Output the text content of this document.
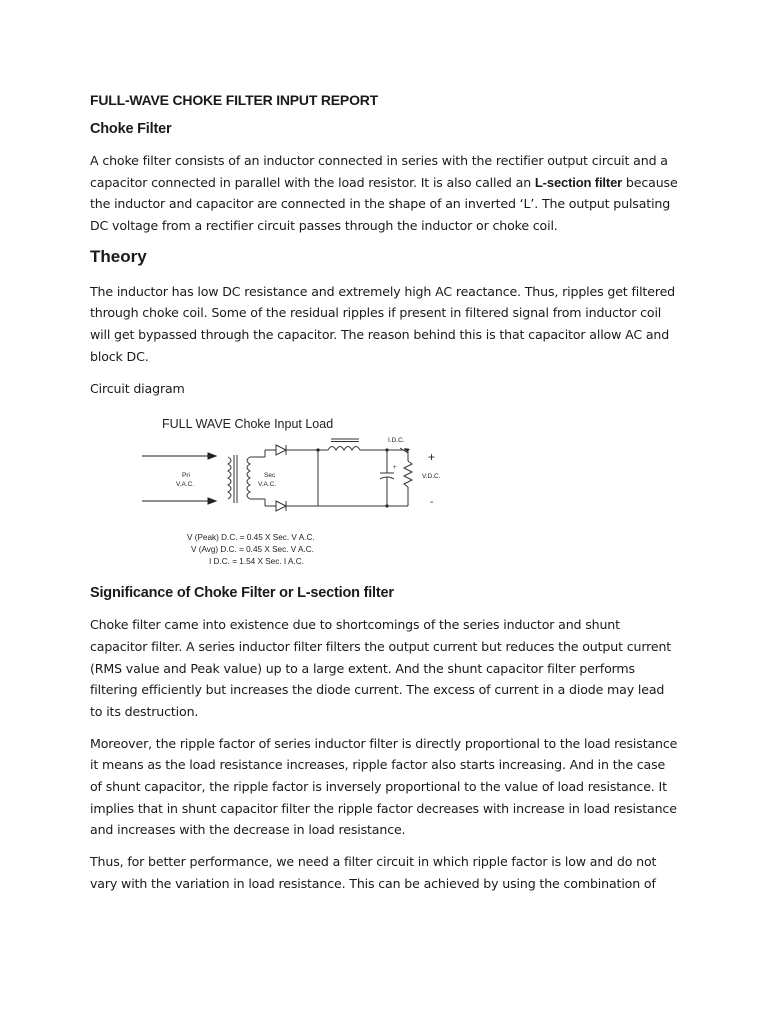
FULL-WAVE CHOKE FILTER INPUT REPORT
Choke Filter

A choke filter consists of an inductor connected in series with the rectifier output circuit and a capacitor connected in parallel with the load resistor. It is also called an L-section filter because the inductor and capacitor are connected in the shape of an inverted ‘L’. The output pulsating DC voltage from a rectifier circuit passes through the inductor or choke coil.

Theory

The inductor has low DC resistance and extremely high AC reactance. Thus, ripples get filtered through choke coil. Some of the residual ripples if present in filtered signal from inductor coil will get bypassed through the capacitor. The reason behind this is that capacitor allow AC and block DC.

Circuit diagram

FULL WAVE Choke Input Load
Pri
V.A.C.
Sec
V.A.C.
+
I.D.C.
+
V.D.C.
-
V (Peak) D.C. = 0.45 X Sec. V A.C.
V (Avg) D.C. = 0.45 X Sec. V A.C.
I D.C. = 1.54 X Sec. I A.C.
Significance of Choke Filter or L-section filter

Choke filter came into existence due to shortcomings of the series inductor and shunt capacitor filter. A series inductor filter filters the output current but reduces the output current (RMS value and Peak value) up to a large extent. And the shunt capacitor filter performs filtering efficiently but increases the diode current. The excess of current in a diode may lead to its destruction.

Moreover, the ripple factor of series inductor filter is directly proportional to the load resistance it means as the load resistance increases, ripple factor also starts increasing. And in the case of shunt capacitor, the ripple factor is inversely proportional to the value of load resistance. It implies that in shunt capacitor filter the ripple factor decreases with increase in load resistance and increases with the decrease in load resistance.

Thus, for better performance, we need a filter circuit in which ripple factor is low and do not vary with the variation in load resistance. This can be achieved by using the combination of
